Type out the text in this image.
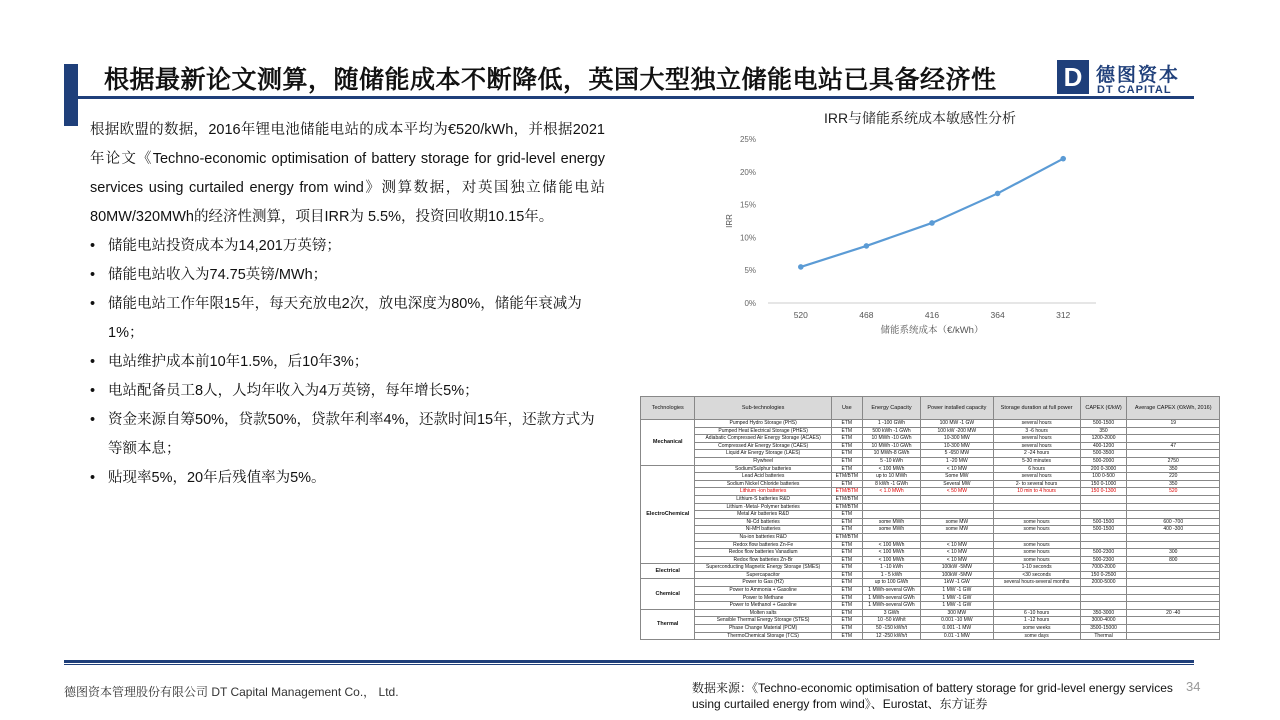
根据最新论文测算，随储能成本不断降低，英国大型独立储能电站已具备经济性	D 德图资本
DT CAPITAL

根据欧盟的数据，2016年锂电池储能电站的成本平均为€520/kWh，并根据2021年论文《Techno-economic optimisation of battery storage for grid-level energy services using curtailed energy from wind》测算数据，对英国独立储能电站80MW/320MWh的经济性测算，项目IRR为 5.5%，投资回收期10.15年。

• 储能电站投资成本为14,201万英镑；
• 储能电站收入为74.75英镑/MWh；
• 储能电站工作年限15年，每天充放电2次，放电深度为80%，储能年衰减为1%；
• 电站维护成本前10年1.5%，后10年3%；
• 电站配备员工8人，人均年收入为4万英镑，每年增长5%；
• 资金来源自筹50%，贷款50%，贷款年利率4%，还款时间15年，还款方式为等额本息；
• 贴现率5%，20年后残值率为5%。
IRR与储能系统成本敏感性分析
0%
5%
10%
15%
20%
25%
520	468	416	364	312
储能系统成本（€/kWh）
IRR
Technologies	Sub-technologies	Use	Energy Capacity	Power installed capacity	Storage duration at full power	CAPEX (€/kW)	Average CAPEX (€/kWh, 2016)
Mechanical	Pumped Hydro Storage (PHS)	ETM	1 -100 GWh	100 MW -1 GW	several hours	500-1500	19
	Pumped Heat Electrical Storage (PHES)	ETM	500 kWh -1 GWh	100 kW -200 MW	3 -6 hours	350	
	Adiabatic Compressed Air Energy Storage (ACAES)	ETM	10 MWh -10 GWh	10-300 MW	several hours	1200-2000	
	Compressed Air Energy Storage (CAES)	ETM	10 MWh -10 GWh	10-300 MW	several hours	400-1200	47
	Liquid Air Energy Storage (LAES)	ETM	10 MWh-8 GWh	5 -650 MW	2 -24 hours	500-3500	
	Flywheel	ETM	5 -10 kWh	1 -20 MW	5-30 minutes	500-2000	2750
ElectroChemical	Sodium/Sulphur batteries	ETM	< 100 MWh	< 10 MW	6 hours	200 0-3000	350
	Lead Acid batteries	ETM/BTM	up to 10 MWh	Some MW	several hours	100 0-500	220
	Sodium Nickel Chloride batteries	ETM	8 kWh -1 GWh	Several MW	2- to several hours	150 0-1000	350
	Lithium -ion batteries	ETM/BTM	< 1.0 MWh	< 50 MW	10 min to 4 hours	150 0-1300	520
	Lithium-S batteries R&D	ETM/BTM					
	Lithium -Metal- Polymer batteries	ETM/BTM					
	Metal Air batteries R&D	ETM					
	Ni-Cd batteries	ETM	some MWh	some MW	some hours	500-1500	600 -700
	Ni-MH batteries	ETM	some MWh	some MW	some hours	500-1500	400 -300
	Na-ion batteries R&D	ETM/BTM					
	Redox flow batteries Zn-Fe	ETM	< 100 MWh	< 10 MW	some hours		
	Redox flow batteries Vanadium	ETM	< 100 MWh	< 10 MW	some hours	500-2300	300
	Redox flow batteries Zn-Br	ETM	< 100 MWh	< 10 MW	some hours	500-2300	800
Electrical	Superconducting Magnetic Energy Storage (SMES)	ETM	1 -10 kWh	100kW -5MW	1-10 seconds	7000-2000	
	Supercapacitor	ETM	1 - 5 kWh	100kW -5MW	<30 seconds	150 0-2500	
Chemical	Power to Gas (H2)	ETM	up to 100 GWh	1kW -1 GW	several hours-several months	2000-5000	
	Power to Ammonia + Gasoline	ETM	1 MWh-several GWh	1 MW -1 GW			
	Power to Methane	ETM	1 MWh-several GWh	1 MW -1 GW			
	Power to Methanol + Gasoline	ETM	1 MWh-several GWh	1 MW -1 GW			
Thermal	Molten salts	ETM	3 GWh	300 MW	6 -10 hours	350-3000	20 -40
	Sensible Thermal Energy Storage (STES)	ETM	10 -50 kWh/t	0.001 -10 MW	1 -12 hours	3000-4000	
	Phase Change Material (PCM)	ETM	50 -150 kWh/t	0.001 -1 MW	some weeks	3500-15000	
	ThermoChemical Storage (TCS)	ETM	12 -250 kWh/t	0.01 -1 MW	some days	Thermal	
德图资本管理股份有限公司 DT Capital Management Co.， Ltd.	数据来源：《Techno-economic optimisation of battery storage for grid-level energy services using curtailed energy from wind》、Eurostat、东方证券
34
